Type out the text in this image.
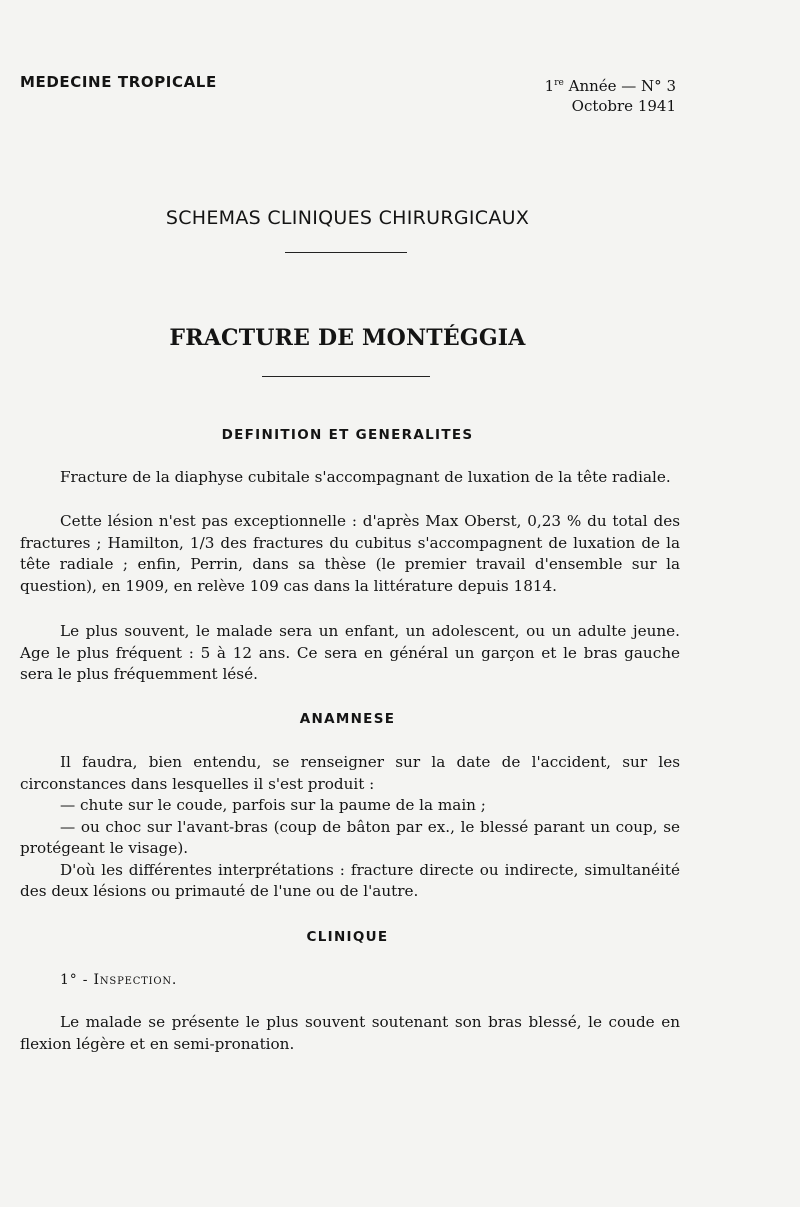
MEDECINE TROPICALE	1re Année — N° 3
Octobre 1941
SCHEMAS CLINIQUES CHIRURGICAUX
FRACTURE DE MONTÉGGIA
DEFINITION ET GENERALITES
Fracture de la diaphyse cubitale s'accompagnant de luxation de la tête radiale.
Cette lésion n'est pas exceptionnelle : d'après Max Oberst, 0,23 % du total des fractures ; Hamilton, 1/3 des fractures du cubitus s'accompagnent de luxation de la tête radiale ; enfin, Perrin, dans sa thèse (le premier travail d'ensemble sur la question), en 1909, en relève 109 cas dans la littérature depuis 1814.
Le plus souvent, le malade sera un enfant, un adolescent, ou un adulte jeune. Age le plus fréquent : 5 à 12 ans. Ce sera en général un garçon et le bras gauche sera le plus fréquemment lésé.
ANAMNESE
Il faudra, bien entendu, se renseigner sur la date de l'accident, sur les circonstances dans lesquelles il s'est produit :
— chute sur le coude, parfois sur la paume de la main ;
— ou choc sur l'avant-bras (coup de bâton par ex., le blessé parant un coup, se protégeant le visage).
D'où les différentes interprétations : fracture directe ou indirecte, simultanéité des deux lésions ou primauté de l'une ou de l'autre.
CLINIQUE
1° - Inspection.
Le malade se présente le plus souvent soutenant son bras blessé, le coude en flexion légère et en semi-pronation.
